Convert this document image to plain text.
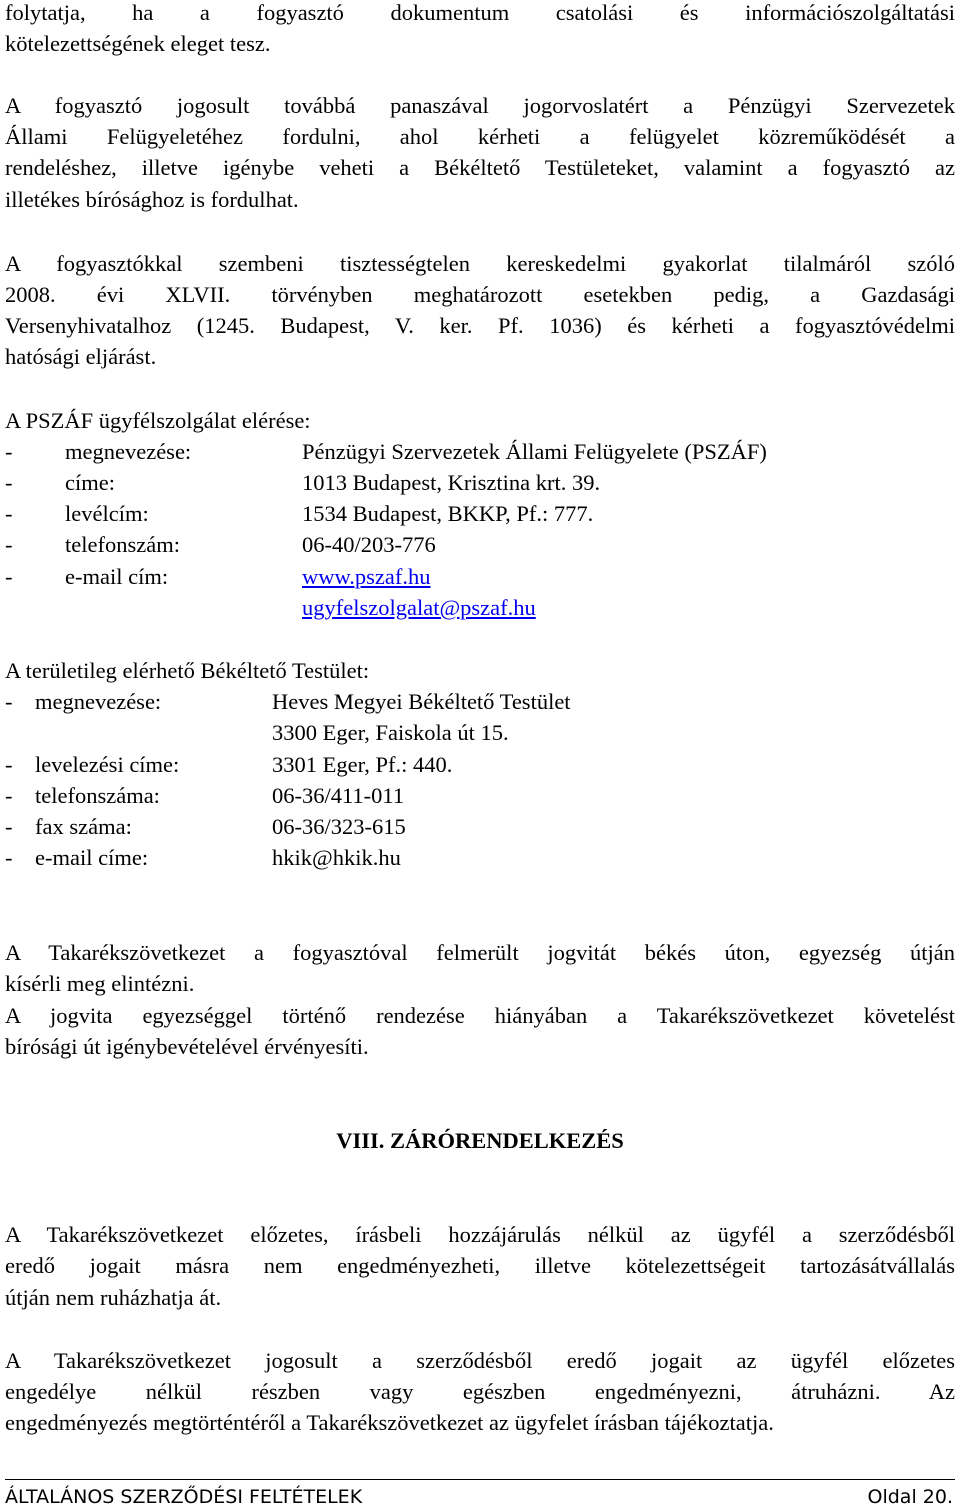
folytatja, ha a fogyasztó dokumentum csatolási és információszolgáltatási
kötelezettségének eleget tesz.
A fogyasztó jogosult továbbá panaszával jogorvoslatért a Pénzügyi Szervezetek
Állami Felügyeletéhez fordulni, ahol kérheti a felügyelet közreműködését a
rendeléshez, illetve igénybe veheti a Békéltető Testületeket, valamint a fogyasztó az
illetékes bírósághoz is fordulhat.
A fogyasztókkal szembeni tisztességtelen kereskedelmi gyakorlat tilalmáról szóló
2008. évi XLVII. törvényben meghatározott esetekben pedig, a Gazdasági
Versenyhivatalhoz (1245. Budapest, V. ker. Pf. 1036) és kérheti a fogyasztóvédelmi
hatósági eljárást.
A PSZÁF ügyfélszolgálat elérése:
- megnevezése:	Pénzügyi Szervezetek Állami Felügyelete (PSZÁF)
- címe:	1013 Budapest, Krisztina krt. 39.
- levélcím:	1534 Budapest, BKKP, Pf.: 777.
- telefonszám:	06-40/203-776
- e-mail cím:	www.pszaf.hu
ugyfelszolgalat@pszaf.hu
A területileg elérhető Békéltető Testület:
- megnevezése:	Heves Megyei Békéltető Testület
3300 Eger, Faiskola út 15.
- levelezési címe:	3301 Eger, Pf.: 440.
- telefonszáma:	06-36/411-011
- fax száma:	06-36/323-615
- e-mail címe:	hkik@hkik.hu
A Takarékszövetkezet a fogyasztóval felmerült jogvitát békés úton, egyezség útján
kísérli meg elintézni.
A jogvita egyezséggel történő rendezése hiányában a Takarékszövetkezet követelést
bírósági út igénybevételével érvényesíti.
VIII. ZÁRÓRENDELKEZÉS
A Takarékszövetkezet előzetes, írásbeli hozzájárulás nélkül az ügyfél a szerződésből
eredő jogait másra nem engedményezheti, illetve kötelezettségeit tartozásátvállalás
útján nem ruházhatja át.
A Takarékszövetkezet jogosult a szerződésből eredő jogait az ügyfél előzetes
engedélye nélkül részben vagy egészben engedményezni, átruházni. Az
engedményezés megtörténtéről a Takarékszövetkezet az ügyfelet írásban tájékoztatja.
ÁLTALÁNOS SZERZŐDÉSI FELTÉTELEK	Oldal 20.
